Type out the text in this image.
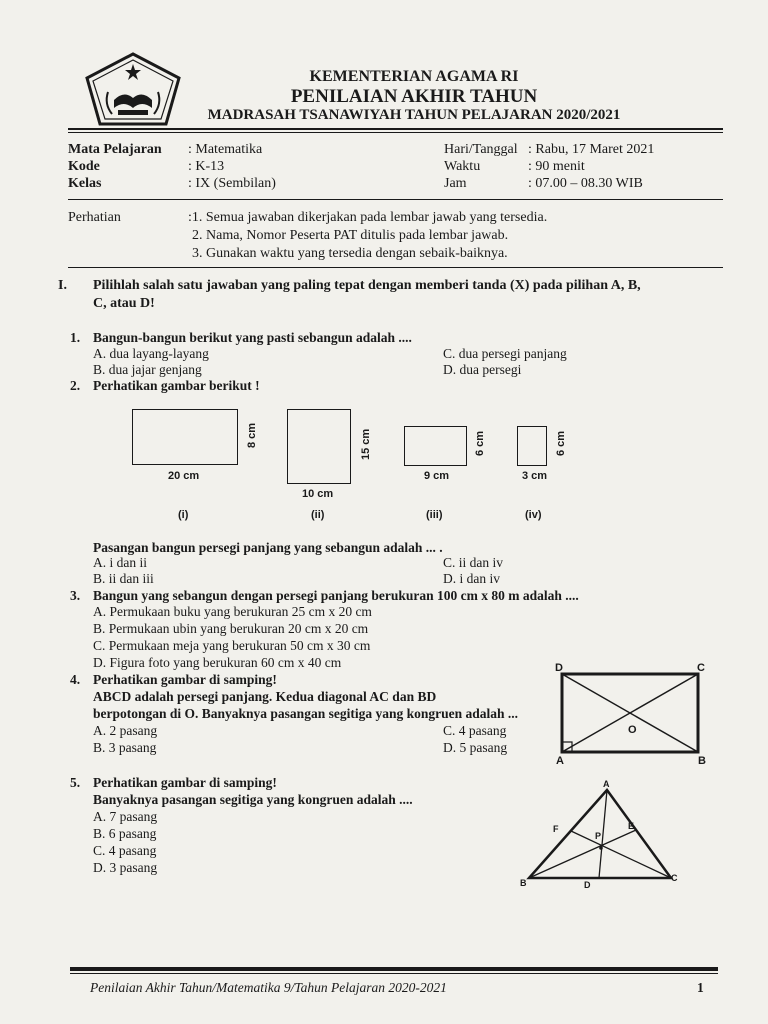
KEMENTERIAN AGAMA RI
PENILAIAN AKHIR TAHUN
MADRASAH TSANAWIYAH TAHUN PELAJARAN 2020/2021
Mata Pelajaran : Matematika
Kode	: K-13
Kelas	: IX (Sembilan)
Hari/Tanggal : Rabu, 17 Maret 2021
Waktu	: 90 menit
Jam	: 07.00 – 08.30 WIB
Perhatian	:1. Semua jawaban dikerjakan pada lembar jawab yang tersedia.
2. Nama, Nomor Peserta PAT ditulis pada lembar jawab.
3. Gunakan waktu yang tersedia dengan sebaik-baiknya.
I. Pilihlah salah satu jawaban yang paling tepat dengan memberi tanda (X) pada pilihan A, B,
C, atau D!
1. Bangun-bangun berikut yang pasti sebangun adalah ....
A. dua layang-layang
B. dua jajar genjang
C. dua persegi panjang
D. dua persegi
2. Perhatikan gambar berikut !
20 cm
8 cm
(i)
10 cm
15 cm
(ii)
9 cm
6 cm
(iii)
3 cm
6 cm
(iv)
Pasangan bangun persegi panjang yang sebangun adalah ... .
A. i dan ii
B. ii dan iii
C. ii dan iv
D. i dan iv
3. Bangun yang sebangun dengan persegi panjang berukuran 100 cm x 80 m adalah ....
A. Permukaan buku yang berukuran 25 cm x 20 cm
B. Permukaan ubin yang berukuran 20 cm x 20 cm
C. Permukaan meja yang berukuran 50 cm x 30 cm
D. Figura foto yang berukuran 60 cm x 40 cm
4. Perhatikan gambar di samping!
ABCD adalah persegi panjang. Kedua diagonal AC dan BD
berpotongan di O. Banyaknya pasangan segitiga yang kongruen adalah ...
A. 2 pasang
B. 3 pasang
C. 4 pasang
D. 5 pasang
D	C
A	B
O
5. Perhatikan gambar di samping!
Banyaknya pasangan segitiga yang kongruen adalah ....
A. 7 pasang
B. 6 pasang
C. 4 pasang
D. 3 pasang
A
B	C
D
E
F
P
Penilaian Akhir Tahun/Matematika 9/Tahun Pelajaran 2020-2021	1
